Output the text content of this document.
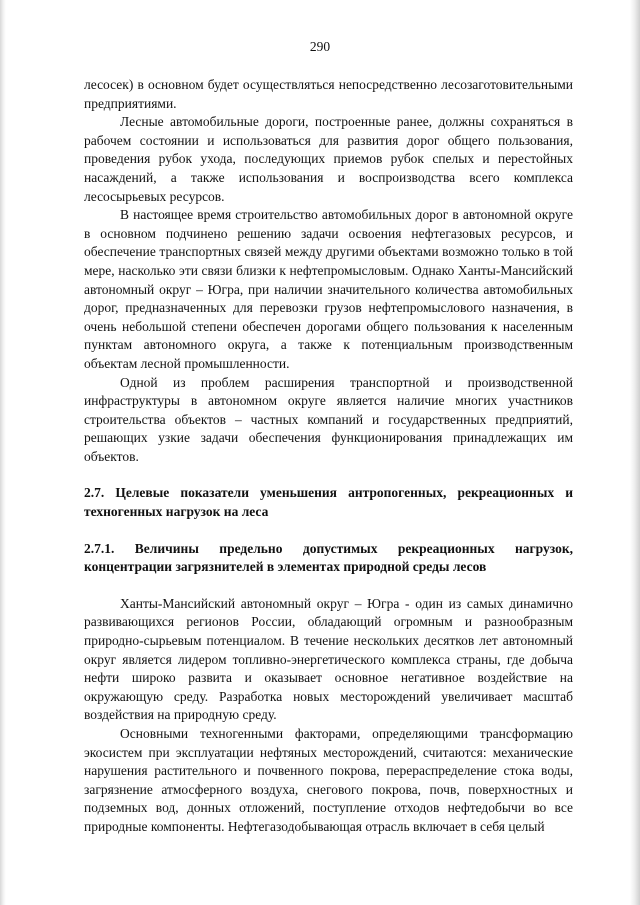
290

лесосек) в основном будет осуществляться непосредственно лесозаготовительными предприятиями.

Лесные автомобильные дороги, построенные ранее, должны сохраняться в рабочем состоянии и использоваться для развития дорог общего пользования, проведения рубок ухода, последующих приемов рубок спелых и перестойных насаждений, а также использования и воспроизводства всего комплекса лесосырьевых ресурсов.

В настоящее время строительство автомобильных дорог в автономной округе в основном подчинено решению задачи освоения нефтегазовых ресурсов, и обеспечение транспортных связей между другими объектами возможно только в той мере, насколько эти связи близки к нефтепромысловым. Однако Ханты-Мансийский автономный округ – Югра, при наличии значительного количества автомобильных дорог, предназначенных для перевозки грузов нефтепромыслового назначения, в очень небольшой степени обеспечен дорогами общего пользования к населенным пунктам автономного округа, а также к потенциальным производственным объектам лесной промышленности.

Одной из проблем расширения транспортной и производственной инфраструктуры в автономном округе является наличие многих участников строительства объектов – частных компаний и государственных предприятий, решающих узкие задачи обеспечения функционирования принадлежащих им объектов.

2.7. Целевые показатели уменьшения антропогенных, рекреационных и техногенных нагрузок на леса
2.7.1. Величины предельно допустимых рекреационных нагрузок, концентрации загрязнителей в элементах природной среды лесов

Ханты-Мансийский автономный округ – Югра - один из самых динамично развивающихся регионов России, обладающий огромным и разнообразным природно-сырьевым потенциалом. В течение нескольких десятков лет автономный округ является лидером топливно-энергетического комплекса страны, где добыча нефти широко развита и оказывает основное негативное воздействие на окружающую среду. Разработка новых месторождений увеличивает масштаб воздействия на природную среду.

Основными техногенными факторами, определяющими трансформацию экосистем при эксплуатации нефтяных месторождений, считаются: механические нарушения растительного и почвенного покрова, перераспределение стока воды, загрязнение атмосферного воздуха, снегового покрова, почв, поверхностных и подземных вод, донных отложений, поступление отходов нефтедобычи во все природные компоненты. Нефтегазодобывающая отрасль включает в себя целый
